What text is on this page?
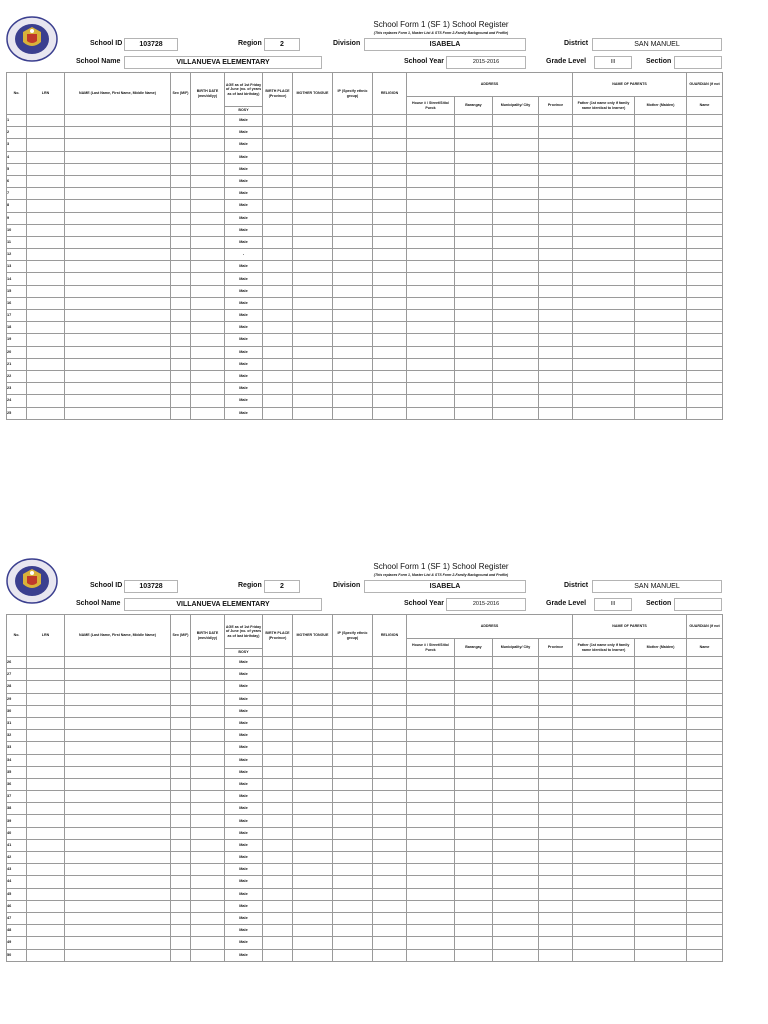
School Form 1 (SF 1) School Register
(This replaces Form 1, Master List & STS Form 2-Family Background and Profile)
School ID	103728	Region	2	Division	ISABELA	District	SAN MANUEL
School Name	VILLANUEVA ELEMENTARY	School Year	2015-2016	Grade Level	III	Section
No.	LRN	NAME (Last Name, First Name, Middle Name)	Sex (M/F)	BIRTH DATE (mm/dd/yy)	AGE as of 1st Friday of June (no. of years as of last birthday)	BIRTH PLACE (Province)	MOTHER TONGUE	IP (Specify ethnic group)	RELIGION	ADDRESS				NAME OF PARENTS		GUARDIAN (if not
										House # / Street/Sitio/ Purok	Barangay	Municipality/ City	Province	Father (1st name only if family name identical to learner)	Mother (Maiden)	Name
					BOSY											
1					Male											
2					Male											
3					Male											
4					Male											
5					Male											
6					Male											
7					Male											
8					Male											
9					Male											
10					Male											
11					Male											
12					-											
13					Male											
14					Male											
15					Male											
16					Male											
17					Male											
18					Male											
19					Male											
20					Male											
21					Male											
22					Male											
23					Male											
24					Male											
25					Male											
School Form 1 (SF 1) School Register
(This replaces Form 1, Master List & STS Form 2-Family Background and Profile)
School ID	103728	Region	2	Division	ISABELA	District	SAN MANUEL
School Name	VILLANUEVA ELEMENTARY	School Year	2015-2016	Grade Level	III	Section
No.	LRN	NAME (Last Name, First Name, Middle Name)	Sex (M/F)	BIRTH DATE (mm/dd/yy)	AGE as of 1st Friday of June (no. of years as of last birthday)	BIRTH PLACE (Province)	MOTHER TONGUE	IP (Specify ethnic group)	RELIGION	ADDRESS				NAME OF PARENTS		GUARDIAN (if not
										House # / Street/Sitio/ Purok	Barangay	Municipality/ City	Province	Father (1st name only if family name identical to learner)	Mother (Maiden)	Name
					BOSY											
26					Male											
27					Male											
28					Male											
29					Male											
30					Male											
31					Male											
32					Male											
33					Male											
34					Male											
35					Male											
36					Male											
37					Male											
38					Male											
39					Male											
40					Male											
41					Male											
42					Male											
43					Male											
44					Male											
45					Male											
46					Male											
47					Male											
48					Male											
49					Male											
50					Male											
